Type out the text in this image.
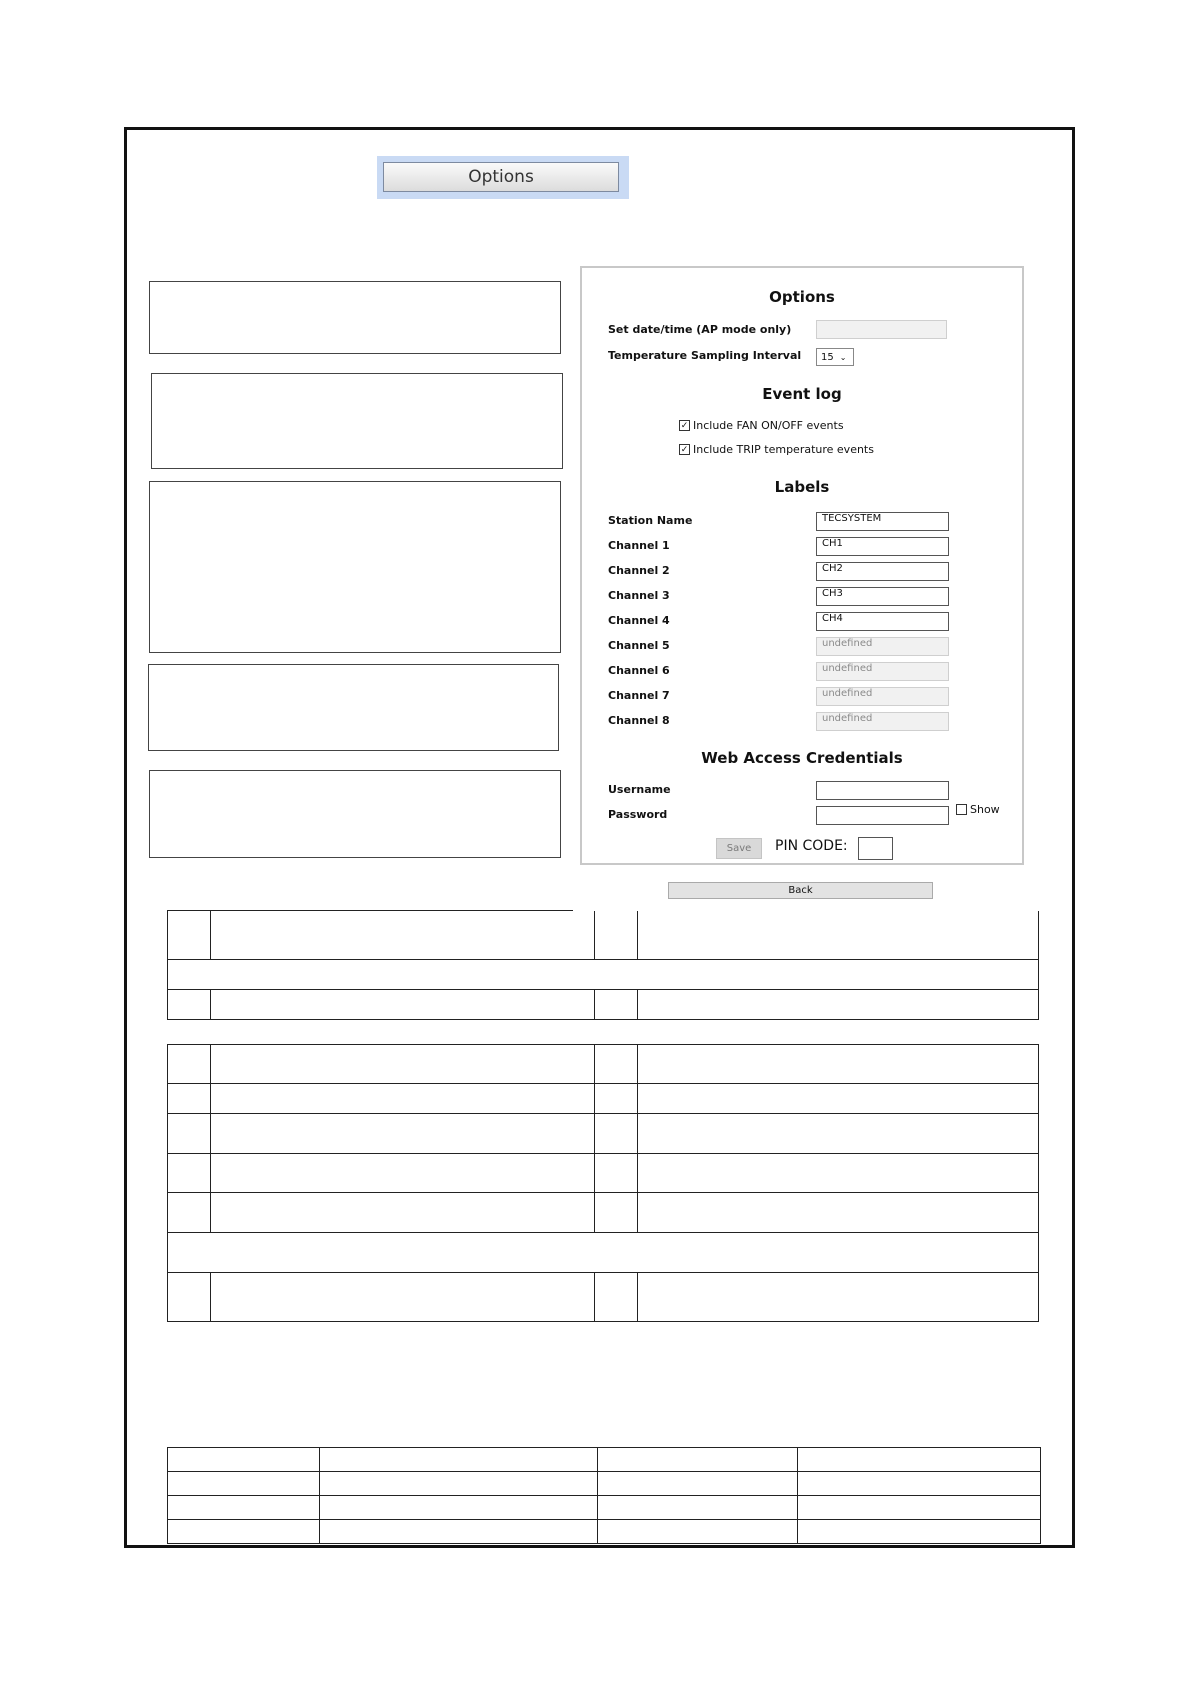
Options
Options
Set date/time (AP mode only)
Temperature Sampling Interval 15 ⌄
Event log
✓ Include FAN ON/OFF events
✓ Include TRIP temperature events
Labels
Station Name	TECSYSTEM
Channel 1	CH1
Channel 2	CH2
Channel 3	CH3
Channel 4	CH4
Channel 5	undefined
Channel 6	undefined
Channel 7	undefined
Channel 8	undefined
Web Access Credentials
Username
Password	Show
Save	PIN CODE:
Back
